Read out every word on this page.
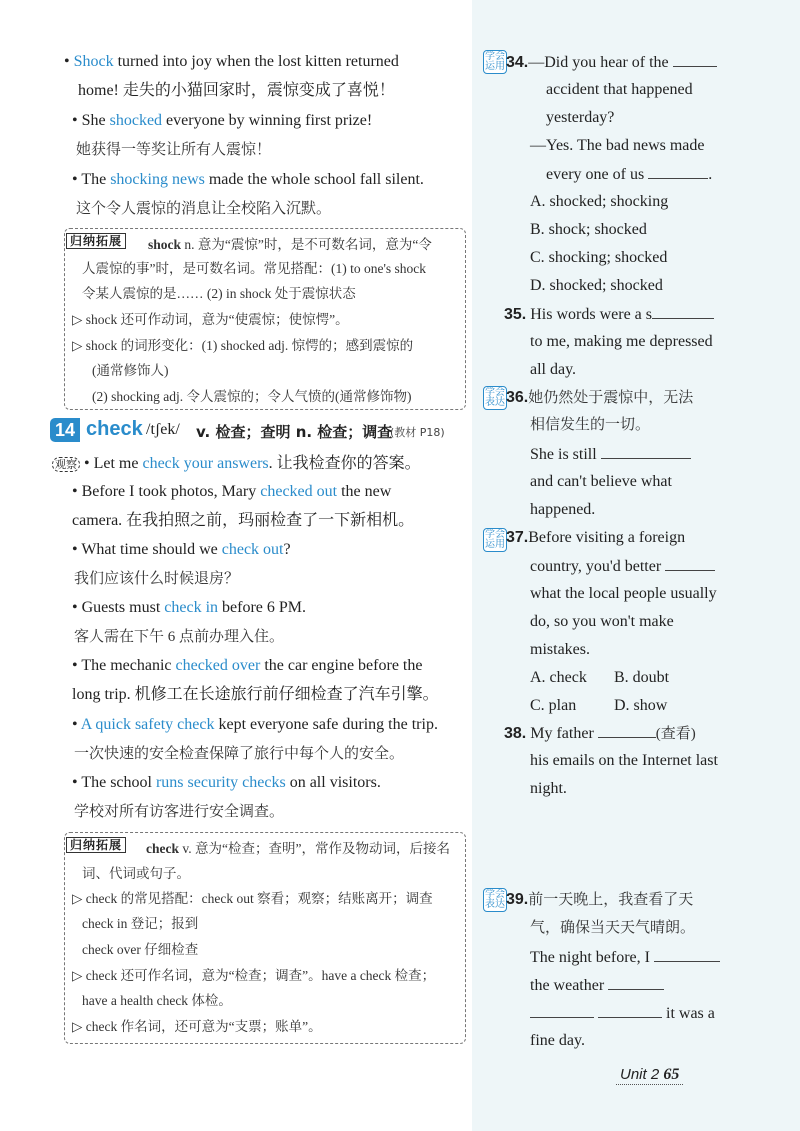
• Shock turned into joy when the lost kitten returned
home! 走失的小猫回家时，震惊变成了喜悦！
• She shocked everyone by winning first prize!
她获得一等奖让所有人震惊！
• The shocking news made the whole school fall silent.
这个令人震惊的消息让全校陷入沉默。
归纳拓展 shock n. 意为“震惊”时，是不可数名词，意为“令
人震惊的事”时，是可数名词。常见搭配：(1) to one's shock
令某人震惊的是…… (2) in shock 处于震惊状态
▷ shock 还可作动词，意为“使震惊；使惊愕”。
▷ shock 的词形变化：(1) shocked adj. 惊愕的；感到震惊的
(通常修饰人)
(2) shocking adj. 令人震惊的；令人气愤的(通常修饰物)
14 check /tʃek/ v. 检查；查明 n. 检查；调查
(教材 P18)
观察 • Let me check your answers. 让我检查你的答案。
• Before I took photos, Mary checked out the new
camera. 在我拍照之前，玛丽检查了一下新相机。
• What time should we check out?
我们应该什么时候退房？
• Guests must check in before 6 PM.
客人需在下午 6 点前办理入住。
• The mechanic checked over the car engine before the
long trip. 机修工在长途旅行前仔细检查了汽车引擎。
• A quick safety check kept everyone safe during the trip.
一次快速的安全检查保障了旅行中每个人的安全。
• The school runs security checks on all visitors.
学校对所有访客进行安全调查。
归纳拓展 check v. 意为“检查；查明”，常作及物动词，后接名
词、代词或句子。
▷ check 的常见搭配：check out 察看；观察；结账离开；调查
check in 登记；报到
check over 仔细检查
▷ check 还可作名词，意为“检查；调查”。have a check 检查；
have a health check 体检。
▷ check 作名词，还可意为“支票；账单”。
学会运用 34.—Did you hear of the
accident that happened
yesterday?
—Yes. The bad news made
every one of us	.
A. shocked; shocking
B. shock; shocked
C. shocking; shocked
D. shocked; shocked
35. His words were a s
to me, making me depressed
all day.
学会表达 36.她仍然处于震惊中，无法
相信发生的一切。
She is still
and can't believe what
happened.
学会运用 37.Before visiting a foreign
country, you'd better
what the local people usually
do, so you won't make
mistakes.
A. check B. doubt
C. plan D. show
38. My father	(查看)
his emails on the Internet last
night.
学会表达 39.前一天晚上，我查看了天
气，确保当天天气晴朗。
The night before, I
the weather
it was a
fine day.
Unit 2 65
